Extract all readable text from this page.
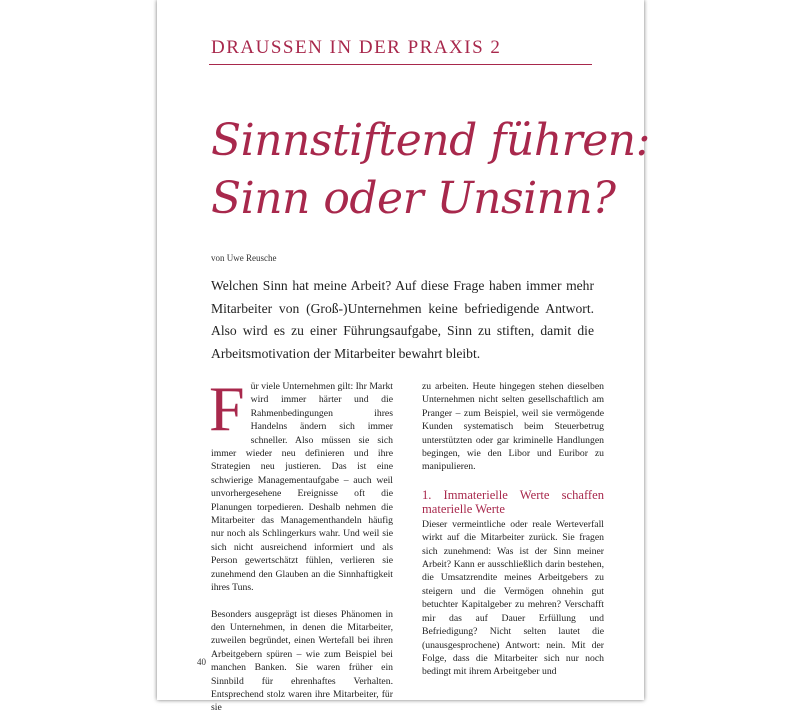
DRAUSSEN IN DER PRAXIS 2
Sinnstiftend führen:
Sinn oder Unsinn?
von Uwe Reusche
Welchen Sinn hat meine Arbeit? Auf diese Frage haben immer mehr Mitarbeiter von (Groß-)Unternehmen keine befriedigende Antwort. Also wird es zu einer Führungsaufgabe, Sinn zu stiften, damit die Arbeitsmotivation der Mitarbeiter bewahrt bleibt.

Für viele Unternehmen gilt: Ihr Markt wird immer härter und die Rahmenbedingungen ihres Handelns ändern sich immer schneller. Also müssen sie sich immer wieder neu definieren und ihre Strategien neu justieren. Das ist eine schwierige Managementaufgabe – auch weil unvorhergesehene Ereignisse oft die Planungen torpedieren. Deshalb nehmen die Mitarbeiter das Managementhandeln häufig nur noch als Schlingerkurs wahr. Und weil sie sich nicht ausreichend informiert und als Person gewertschätzt fühlen, verlieren sie zunehmend den Glauben an die Sinnhaftigkeit ihres Tuns.

Besonders ausgeprägt ist dieses Phänomen in den Unternehmen, in denen die Mitarbeiter, zuweilen begründet, einen Wertefall bei ihren Arbeitgebern spüren – wie zum Beispiel bei manchen Banken. Sie waren früher ein Sinnbild für ehrenhaftes Verhalten. Entsprechend stolz waren ihre Mitarbeiter, für sie

zu arbeiten. Heute hingegen stehen dieselben Unternehmen nicht selten gesellschaftlich am Pranger – zum Beispiel, weil sie vermögende Kunden systematisch beim Steuerbetrug unterstützten oder gar kriminelle Handlungen begingen, wie den Libor und Euribor zu manipulieren.

1. Immaterielle Werte schaffen materielle Werte

Dieser vermeintliche oder reale Werteverfall wirkt auf die Mitarbeiter zurück. Sie fragen sich zunehmend: Was ist der Sinn meiner Arbeit? Kann er ausschließlich darin bestehen, die Umsatzrendite meines Arbeitgebers zu steigern und die Vermögen ohnehin gut betuchter Kapitalgeber zu mehren? Verschafft mir das auf Dauer Erfüllung und Befriedigung? Nicht selten lautet die (unausgesprochene) Antwort: nein. Mit der Folge, dass die Mitarbeiter sich nur noch bedingt mit ihrem Arbeitgeber und

40
